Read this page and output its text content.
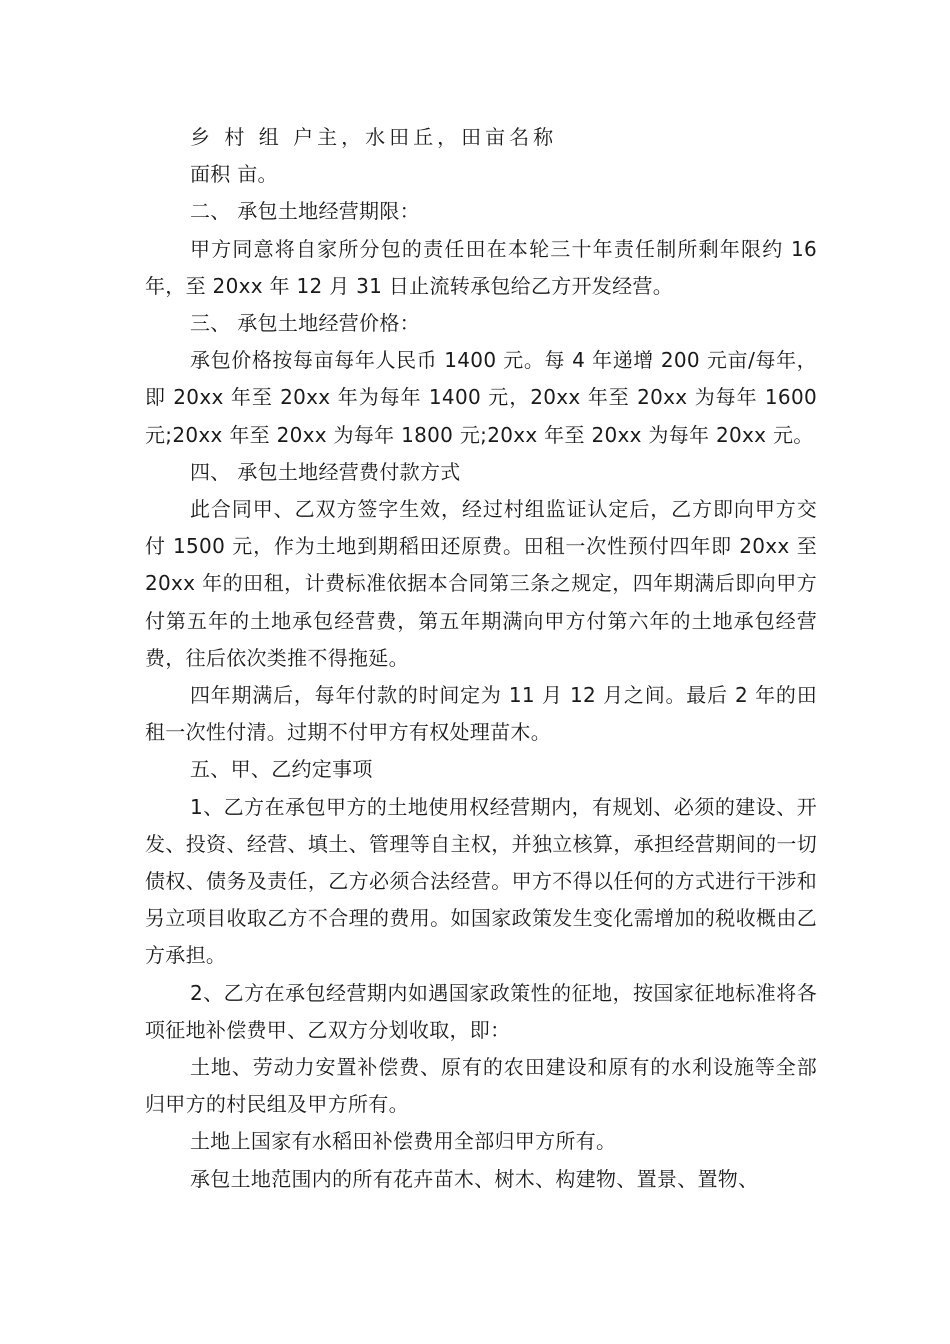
乡 村 组 户主，水田丘，田亩名称

面积 亩。

二、 承包土地经营期限：

甲方同意将自家所分包的责任田在本轮三十年责任制所剩年限约 16 年，至 20xx 年 12 月 31 日止流转承包给乙方开发经营。

三、 承包土地经营价格：

承包价格按每亩每年人民币 1400 元。每 4 年递增 200 元亩/每年，即 20xx 年至 20xx 年为每年 1400 元，20xx 年至 20xx 为每年 1600 元;20xx 年至 20xx 为每年 1800 元;20xx 年至 20xx 为每年 20xx 元。

四、 承包土地经营费付款方式

此合同甲、乙双方签字生效，经过村组监证认定后，乙方即向甲方交付 1500 元，作为土地到期稻田还原费。田租一次性预付四年即 20xx 至 20xx 年的田租，计费标准依据本合同第三条之规定，四年期满后即向甲方付第五年的土地承包经营费，第五年期满向甲方付第六年的土地承包经营费，往后依次类推不得拖延。

四年期满后，每年付款的时间定为 11 月 12 月之间。最后 2 年的田租一次性付清。过期不付甲方有权处理苗木。

五、甲、乙约定事项

1、乙方在承包甲方的土地使用权经营期内，有规划、必须的建设、开发、投资、经营、填土、管理等自主权，并独立核算，承担经营期间的一切债权、债务及责任，乙方必须合法经营。甲方不得以任何的方式进行干涉和另立项目收取乙方不合理的费用。如国家政策发生变化需增加的税收概由乙方承担。

2、乙方在承包经营期内如遇国家政策性的征地，按国家征地标准将各项征地补偿费甲、乙双方分划收取，即：

土地、劳动力安置补偿费、原有的农田建设和原有的水利设施等全部归甲方的村民组及甲方所有。

土地上国家有水稻田补偿费用全部归甲方所有。

承包土地范围内的所有花卉苗木、树木、构建物、置景、置物、
